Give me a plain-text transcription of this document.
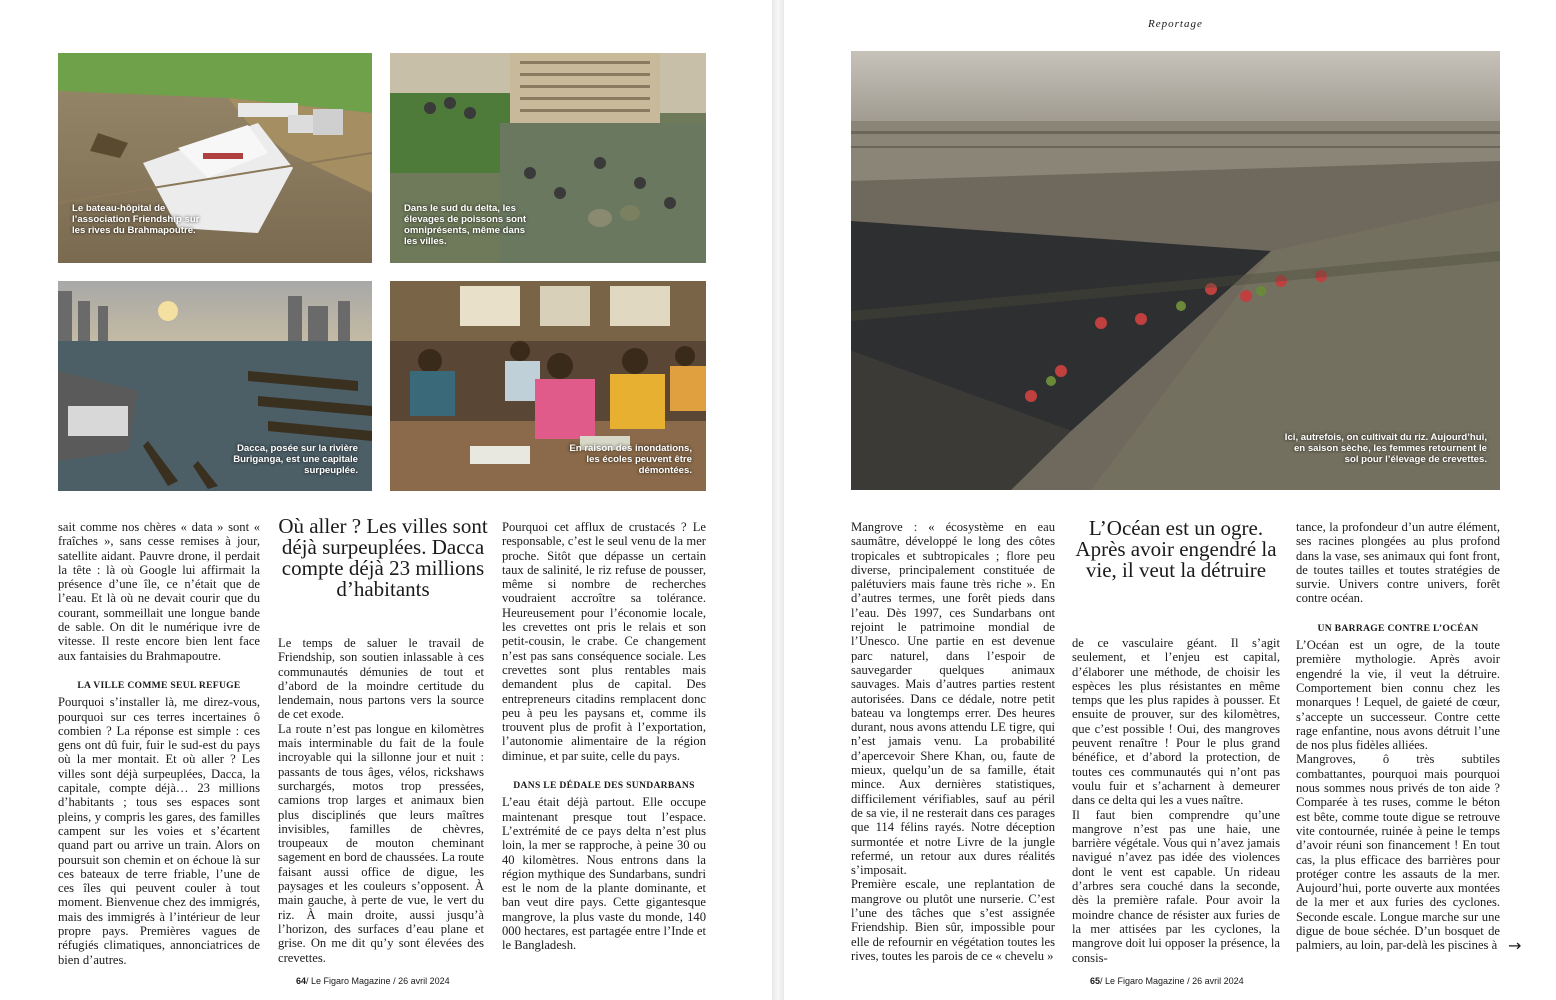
Le bateau-hôpital de l’association Friendship sur les rives du Brahmapoutre.
Dans le sud du delta, les élevages de poissons sont omniprésents, même dans les villes.
Dacca, posée sur la rivière Buriganga, est une capitale surpeuplée.
En raison des inondations, les écoles peuvent être démontées.

sait comme nos chères « data » sont « fraîches », sans cesse remises à jour, satellite aidant. Pauvre drone, il perdait la tête : là où Google lui affirmait la présence d’une île, ce n’était que de l’eau. Et là où ne devait courir que du courant, sommeillait une longue bande de sable. On dit le numérique ivre de vitesse. Il reste encore bien lent face aux fantaisies du Brahmapoutre.

LA VILLE COMME SEUL REFUGE

Pourquoi s’installer là, me direz-vous, pourquoi sur ces terres incertaines ô combien ? La réponse est simple : ces gens ont dû fuir, fuir le sud-est du pays où la mer montait. Et où aller ? Les villes sont déjà surpeuplées, Dacca, la capitale, compte déjà… 23 millions d’habitants ; tous ses espaces sont pleins, y compris les gares, des familles campent sur les voies et s’écartent quand part ou arrive un train. Alors on poursuit son chemin et on échoue là sur ces bateaux de terre friable, l’une de ces îles qui peuvent couler à tout moment. Bienvenue chez des immigrés, mais des immigrés à l’intérieur de leur propre pays. Premières vagues de réfugiés climatiques, annonciatrices de bien d’autres.

Où aller ? Les villes sont déjà surpeuplées. Dacca compte déjà 23 millions d’habitants

Le temps de saluer le travail de Friendship, son soutien inlassable à ces communautés démunies de tout et d’abord de la moindre certitude du lendemain, nous partons vers la source de cet exode.

La route n’est pas longue en kilomètres mais interminable du fait de la foule incroyable qui la sillonne jour et nuit : passants de tous âges, vélos, rickshaws surchargés, motos trop pressées, camions trop larges et animaux bien plus disciplinés que leurs maîtres invisibles, familles de chèvres, troupeaux de mouton cheminant sagement en bord de chaussées. La route faisant aussi office de digue, les paysages et les couleurs s’opposent. À main gauche, à perte de vue, le vert du riz. À main droite, aussi jusqu’à l’horizon, des surfaces d’eau plane et grise. On me dit qu’y sont élevées des crevettes.

Pourquoi cet afflux de crustacés ? Le responsable, c’est le seul venu de la mer proche. Sitôt que dépasse un certain taux de salinité, le riz refuse de pousser, même si nombre de recherches voudraient accroître sa tolérance. Heureusement pour l’économie locale, les crevettes ont pris le relais et son petit-cousin, le crabe. Ce changement n’est pas sans conséquence sociale. Les crevettes sont plus rentables mais demandent plus de capital. Des entrepreneurs citadins remplacent donc peu à peu les paysans et, comme ils trouvent plus de profit à l’exportation, l’autonomie alimentaire de la région diminue, et par suite, celle du pays.

DANS LE DÉDALE DES SUNDARBANS

L’eau était déjà partout. Elle occupe maintenant presque tout l’espace. L’extrémité de ce pays delta n’est plus loin, la mer se rapproche, à peine 30 ou 40 kilomètres. Nous entrons dans la région mythique des Sundarbans, sundri est le nom de la plante dominante, et ban veut dire pays. Cette gigantesque mangrove, la plus vaste du monde, 140 000 hectares, est partagée entre l’Inde et le Bangladesh.

64/ Le Figaro Magazine / 26 avril 2024
Reportage
Ici, autrefois, on cultivait du riz. Aujourd’hui, en saison sèche, les femmes retournent le sol pour l’élevage de crevettes.

Mangrove : « écosystème en eau saumâtre, développé le long des côtes tropicales et subtropicales ; flore peu diverse, principalement constituée de palétuviers mais faune très riche ». En d’autres termes, une forêt pieds dans l’eau. Dès 1997, ces Sundarbans ont rejoint le patrimoine mondial de l’Unesco. Une partie en est devenue parc naturel, dans l’espoir de sauvegarder quelques animaux sauvages. Mais d’autres parties restent autorisées. Dans ce dédale, notre petit bateau va longtemps errer. Des heures durant, nous avons attendu LE tigre, qui n’est jamais venu. La probabilité d’apercevoir Shere Khan, ou, faute de mieux, quelqu’un de sa famille, était mince. Aux dernières statistiques, difficilement vérifiables, sauf au péril de sa vie, il ne resterait dans ces parages que 114 félins rayés. Notre déception surmontée et notre Livre de la jungle refermé, un retour aux dures réalités s’imposait.

Première escale, une replantation de mangrove ou plutôt une nurserie. C’est l’une des tâches que s’est assignée Friendship. Bien sûr, impossible pour elle de refournir en végétation toutes les rives, toutes les parois de ce « chevelu »

L’Océan est un ogre. Après avoir engendré la vie, il veut la détruire

de ce vasculaire géant. Il s’agit seulement, et l’enjeu est capital, d’élaborer une méthode, de choisir les espèces les plus résistantes en même temps que les plus rapides à pousser. Et ensuite de prouver, sur des kilomètres, que c’est possible ! Oui, des mangroves peuvent renaître ! Pour le plus grand bénéfice, et d’abord la protection, de toutes ces communautés qui n’ont pas voulu fuir et s’acharnent à demeurer dans ce delta qui les a vues naître.

Il faut bien comprendre qu’une mangrove n’est pas une haie, une barrière végétale. Vous qui n’avez jamais navigué n’avez pas idée des violences dont le vent est capable. Un rideau d’arbres sera couché dans la seconde, dès la première rafale. Pour avoir la moindre chance de résister aux furies de la mer attisées par les cyclones, la mangrove doit lui opposer la présence, la consis-

tance, la profondeur d’un autre élément, ses racines plongées au plus profond dans la vase, ses animaux qui font front, de toutes tailles et toutes stratégies de survie. Univers contre univers, forêt contre océan.

UN BARRAGE CONTRE L’OCÉAN

L’Océan est un ogre, de la toute première mythologie. Après avoir engendré la vie, il veut la détruire. Comportement bien connu chez les monarques ! Lequel, de gaieté de cœur, s’accepte un successeur. Contre cette rage enfantine, nous avons détruit l’une de nos plus fidèles alliées.

Mangroves, ô très subtiles combattantes, pourquoi mais pourquoi nous sommes nous privés de ton aide ? Comparée à tes ruses, comme le béton est bête, comme toute digue se retrouve vite contournée, ruinée à peine le temps d’avoir réuni son financement ! En tout cas, la plus efficace des barrières pour protéger contre les assauts de la mer. Aujourd’hui, porte ouverte aux montées de la mer et aux furies des cyclones. Seconde escale. Longue marche sur une digue de boue séchée. D’un bosquet de palmiers, au loin, par-delà les piscines à

65/ Le Figaro Magazine / 26 avril 2024
→
